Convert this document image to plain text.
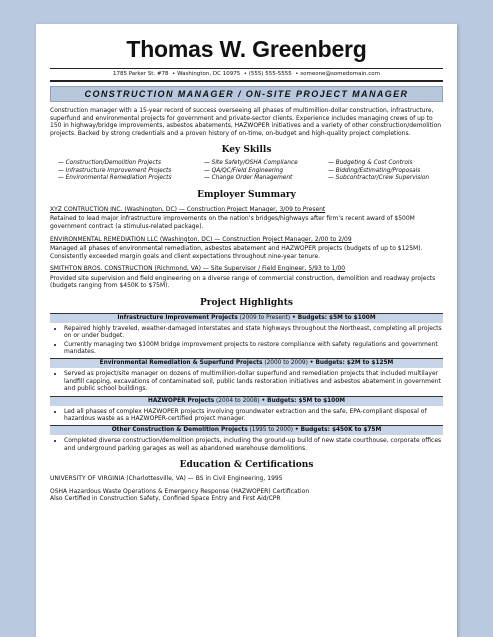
Thomas W. Greenberg
1785 Parker St. #78 • Washington, DC 10975 • (555) 555-5555 • someone@somedomain.com
CONSTRUCTION MANAGER / ON-SITE PROJECT MANAGER
Construction manager with a 15-year record of success overseeing all phases of multimillion-dollar construction, infrastructure, superfund and environmental projects for government and private-sector clients. Experience includes managing crews of up to 150 in highway/bridge improvements, asbestos abatements, HAZWOPER initiatives and a variety of other construction/demolition projects. Backed by strong credentials and a proven history of on-time, on-budget and high-quality project completions.
Key Skills
— Construction/Demolition Projects
— Infrastructure Improvement Projects
— Environmental Remediation Projects
— Site Safety/OSHA Compliance
— QA/QC/Field Engineering
— Change Order Management
— Budgeting & Cost Controls
— Bidding/Estimating/Proposals
— Subcontractor/Crew Supervision
Employer Summary
XYZ CONTRUCTION INC. (Washington, DC) — Construction Project Manager, 3/09 to Present
Retained to lead major infrastructure improvements on the nation’s bridges/highways after firm’s recent award of $500M government contract (a stimulus-related package).
ENVIRONMENTAL REMEDIATION LLC (Washington, DC) — Construction Project Manager, 2/00 to 2/09
Managed all phases of environmental remediation, asbestos abatement and HAZWOPER projects (budgets of up to $125M). Consistently exceeded margin goals and client expectations throughout nine-year tenure.
SMITHTON BROS. CONSTRUCTION (Richmond, VA) — Site Supervisor / Field Engineer, 5/93 to 1/00
Provided site supervision and field engineering on a diverse range of commercial construction, demolition and roadway projects (budgets ranging from $450K to $75M).
Project Highlights
Infrastructure Improvement Projects (2009 to Present) • Budgets: $5M to $100M
• Repaired highly traveled, weather-damaged interstates and state highways throughout the Northeast, completing all projects on or under budget.
• Currently managing two $100M bridge improvement projects to restore compliance with safety regulations and government mandates.
Environmental Remediation & Superfund Projects (2000 to 2009) • Budgets: $2M to $125M
• Served as project/site manager on dozens of multimillion-dollar superfund and remediation projects that included multilayer landfill capping, excavations of contaminated soil, public lands restoration initiatives and asbestos abatement in government and public school buildings.
HAZWOPER Projects (2004 to 2008) • Budgets: $5M to $100M
• Led all phases of complex HAZWOPER projects involving groundwater extraction and the safe, EPA-compliant disposal of hazardous waste as a HAZWOPER-certified project manager.
Other Construction & Demolition Projects (1995 to 2000) • Budgets: $450K to $75M
• Completed diverse construction/demolition projects, including the ground-up build of new state courthouse, corporate offices and underground parking garages as well as abandoned warehouse demolitions.
Education & Certifications
UNIVERSITY OF VIRGINIA (Charlottesville, VA) — BS in Civil Engineering, 1995
OSHA Hazardous Waste Operations & Emergency Response (HAZWOPER) Certification
Also Certified in Construction Safety, Confined Space Entry and First Aid/CPR
